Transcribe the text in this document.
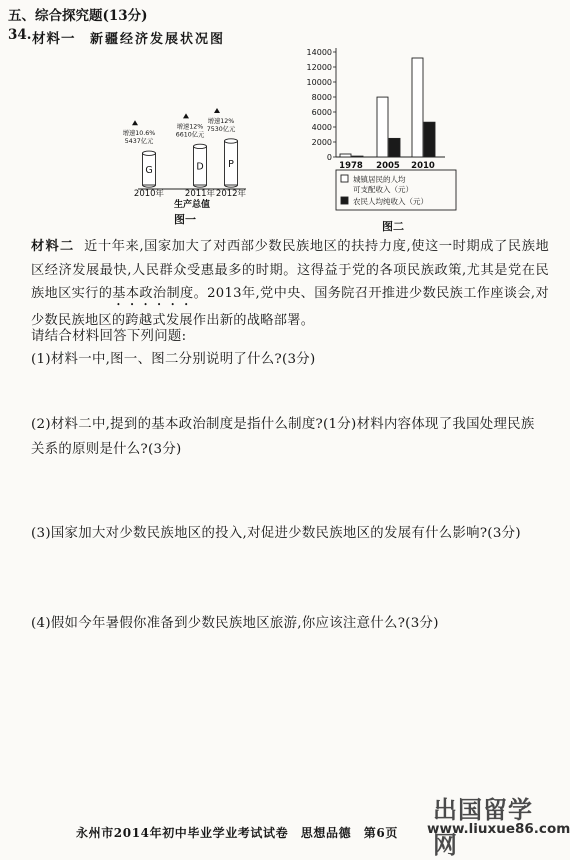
五、综合探究题(13分)
34. 材料一 新疆经济发展状况图
G
5437亿元
增速10.6%
2010年
D
6610亿元
增速12%
2011年
P
7530亿元
增速12%
2012年
生产总值
图一
0
2000
4000
6000
8000
10000
12000
14000
1978 2005 2010
城镇居民的人均
可支配收入（元）
农民人均纯收入（元）
图二
材料二 近十年来,国家加大了对西部少数民族地区的扶持力度,使这一时期成了民族地区经济发展最快,人民群众受惠最多的时期。这得益于党的各项民族政策,尤其是党在民族地区实行的基本政治制度。2013年,党中央、国务院召开推进少数民族工作座谈会,对少数民族地区的跨越式发展作出新的战略部署。
请结合材料回答下列问题:
(1)材料一中,图一、图二分别说明了什么?(3分)
(2)材料二中,提到的基本政治制度是指什么制度?(1分)材料内容体现了我国处理民族关系的原则是什么?(3分)
(3)国家加大对少数民族地区的投入,对促进少数民族地区的发展有什么影响?(3分)
(4)假如今年暑假你准备到少数民族地区旅游,你应该注意什么?(3分)
永州市2014年初中毕业学业考试试卷　思想品德　第6页
出国留学网
www.liuxue86.com
